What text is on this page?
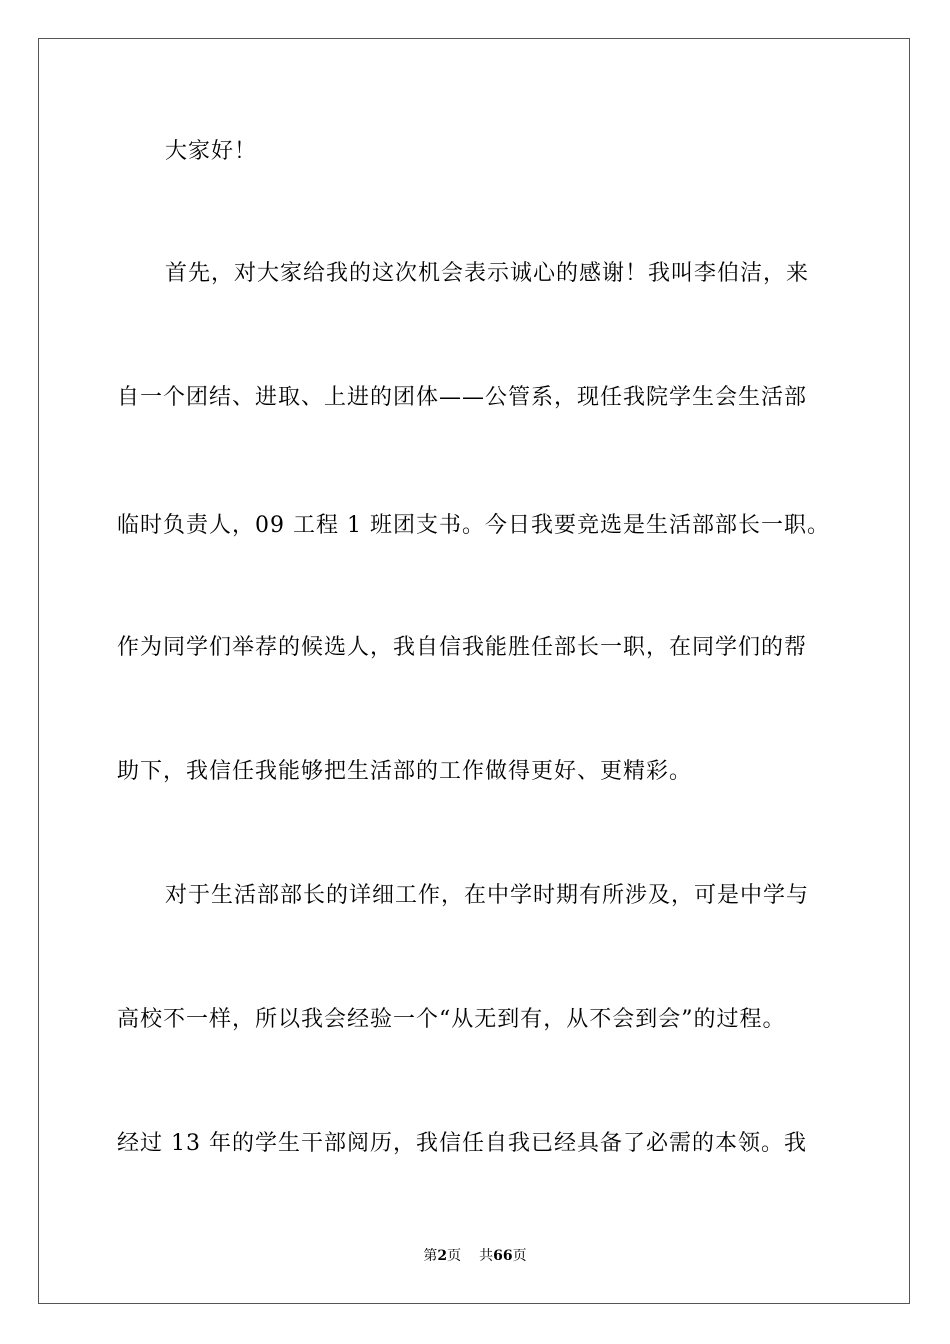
大家好！
首先，对大家给我的这次机会表示诚心的感谢！我叫李伯洁，来
自一个团结、进取、上进的团体——公管系，现任我院学生会生活部
临时负责人，09 工程 1 班团支书。今日我要竞选是生活部部长一职。
作为同学们举荐的候选人，我自信我能胜任部长一职，在同学们的帮
助下，我信任我能够把生活部的工作做得更好、更精彩。
对于生活部部长的详细工作，在中学时期有所涉及，可是中学与
高校不一样，所以我会经验一个“从无到有，从不会到会”的过程。
经过 13 年的学生干部阅历，我信任自我已经具备了必需的本领。我
第2页 共66页
